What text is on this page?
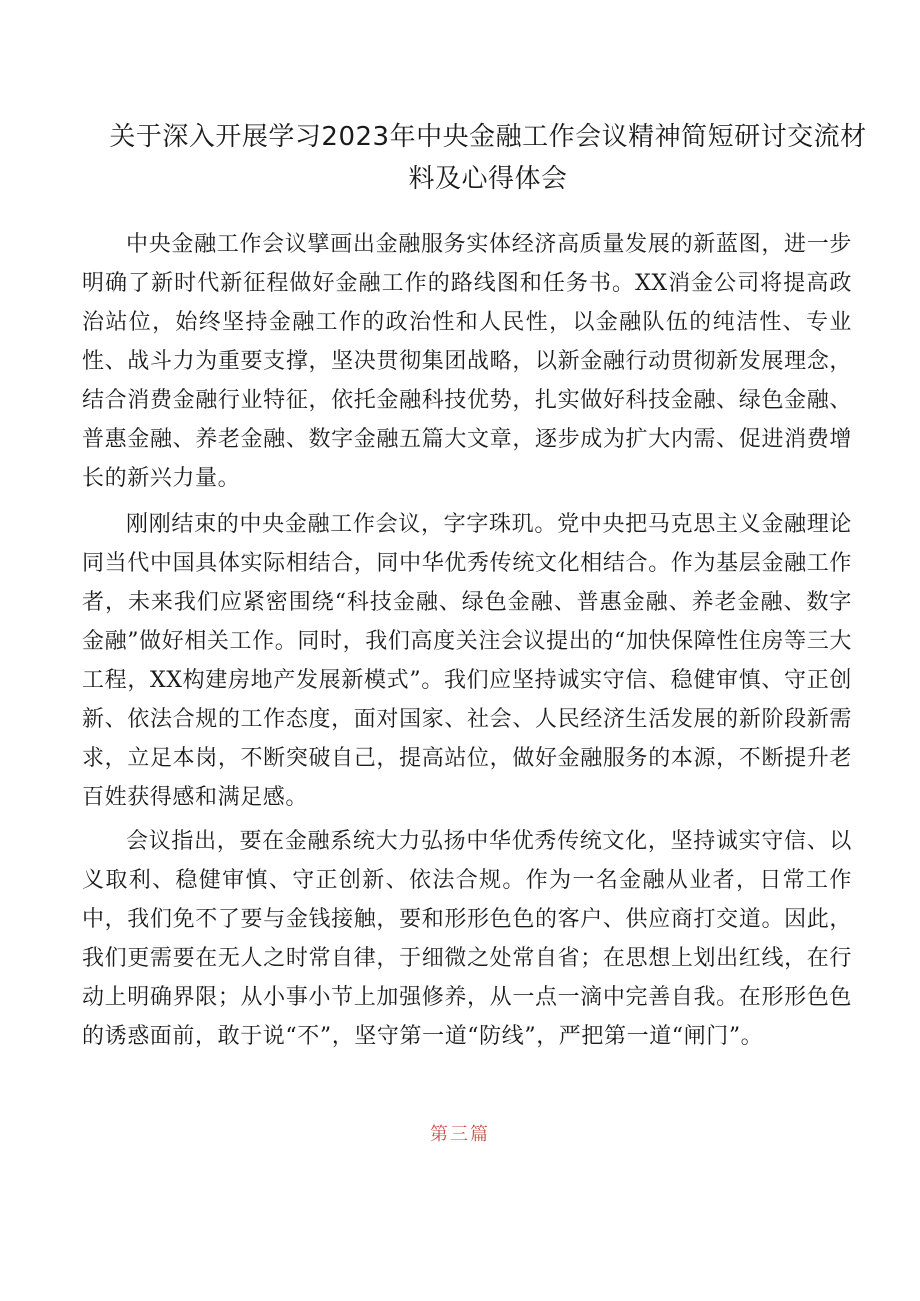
关于深入开展学习2023年中央金融工作会议精神简短研讨交流材料及心得体会

中央金融工作会议擘画出金融服务实体经济高质量发展的新蓝图，进一步明确了新时代新征程做好金融工作的路线图和任务书。XX消金公司将提高政治站位，始终坚持金融工作的政治性和人民性，以金融队伍的纯洁性、专业性、战斗力为重要支撑，坚决贯彻集团战略，以新金融行动贯彻新发展理念，结合消费金融行业特征，依托金融科技优势，扎实做好科技金融、绿色金融、普惠金融、养老金融、数字金融五篇大文章，逐步成为扩大内需、促进消费增长的新兴力量。

刚刚结束的中央金融工作会议，字字珠玑。党中央把马克思主义金融理论同当代中国具体实际相结合，同中华优秀传统文化相结合。作为基层金融工作者，未来我们应紧密围绕“科技金融、绿色金融、普惠金融、养老金融、数字金融”做好相关工作。同时，我们高度关注会议提出的“加快保障性住房等三大工程，XX构建房地产发展新模式”。我们应坚持诚实守信、稳健审慎、守正创新、依法合规的工作态度，面对国家、社会、人民经济生活发展的新阶段新需求，立足本岗，不断突破自己，提高站位，做好金融服务的本源，不断提升老百姓获得感和满足感。

会议指出，要在金融系统大力弘扬中华优秀传统文化，坚持诚实守信、以义取利、稳健审慎、守正创新、依法合规。作为一名金融从业者，日常工作中，我们免不了要与金钱接触，要和形形色色的客户、供应商打交道。因此，我们更需要在无人之时常自律，于细微之处常自省；在思想上划出红线，在行动上明确界限；从小事小节上加强修养，从一点一滴中完善自我。在形形色色的诱惑面前，敢于说“不”，坚守第一道“防线”，严把第一道“闸门”。

第三篇
